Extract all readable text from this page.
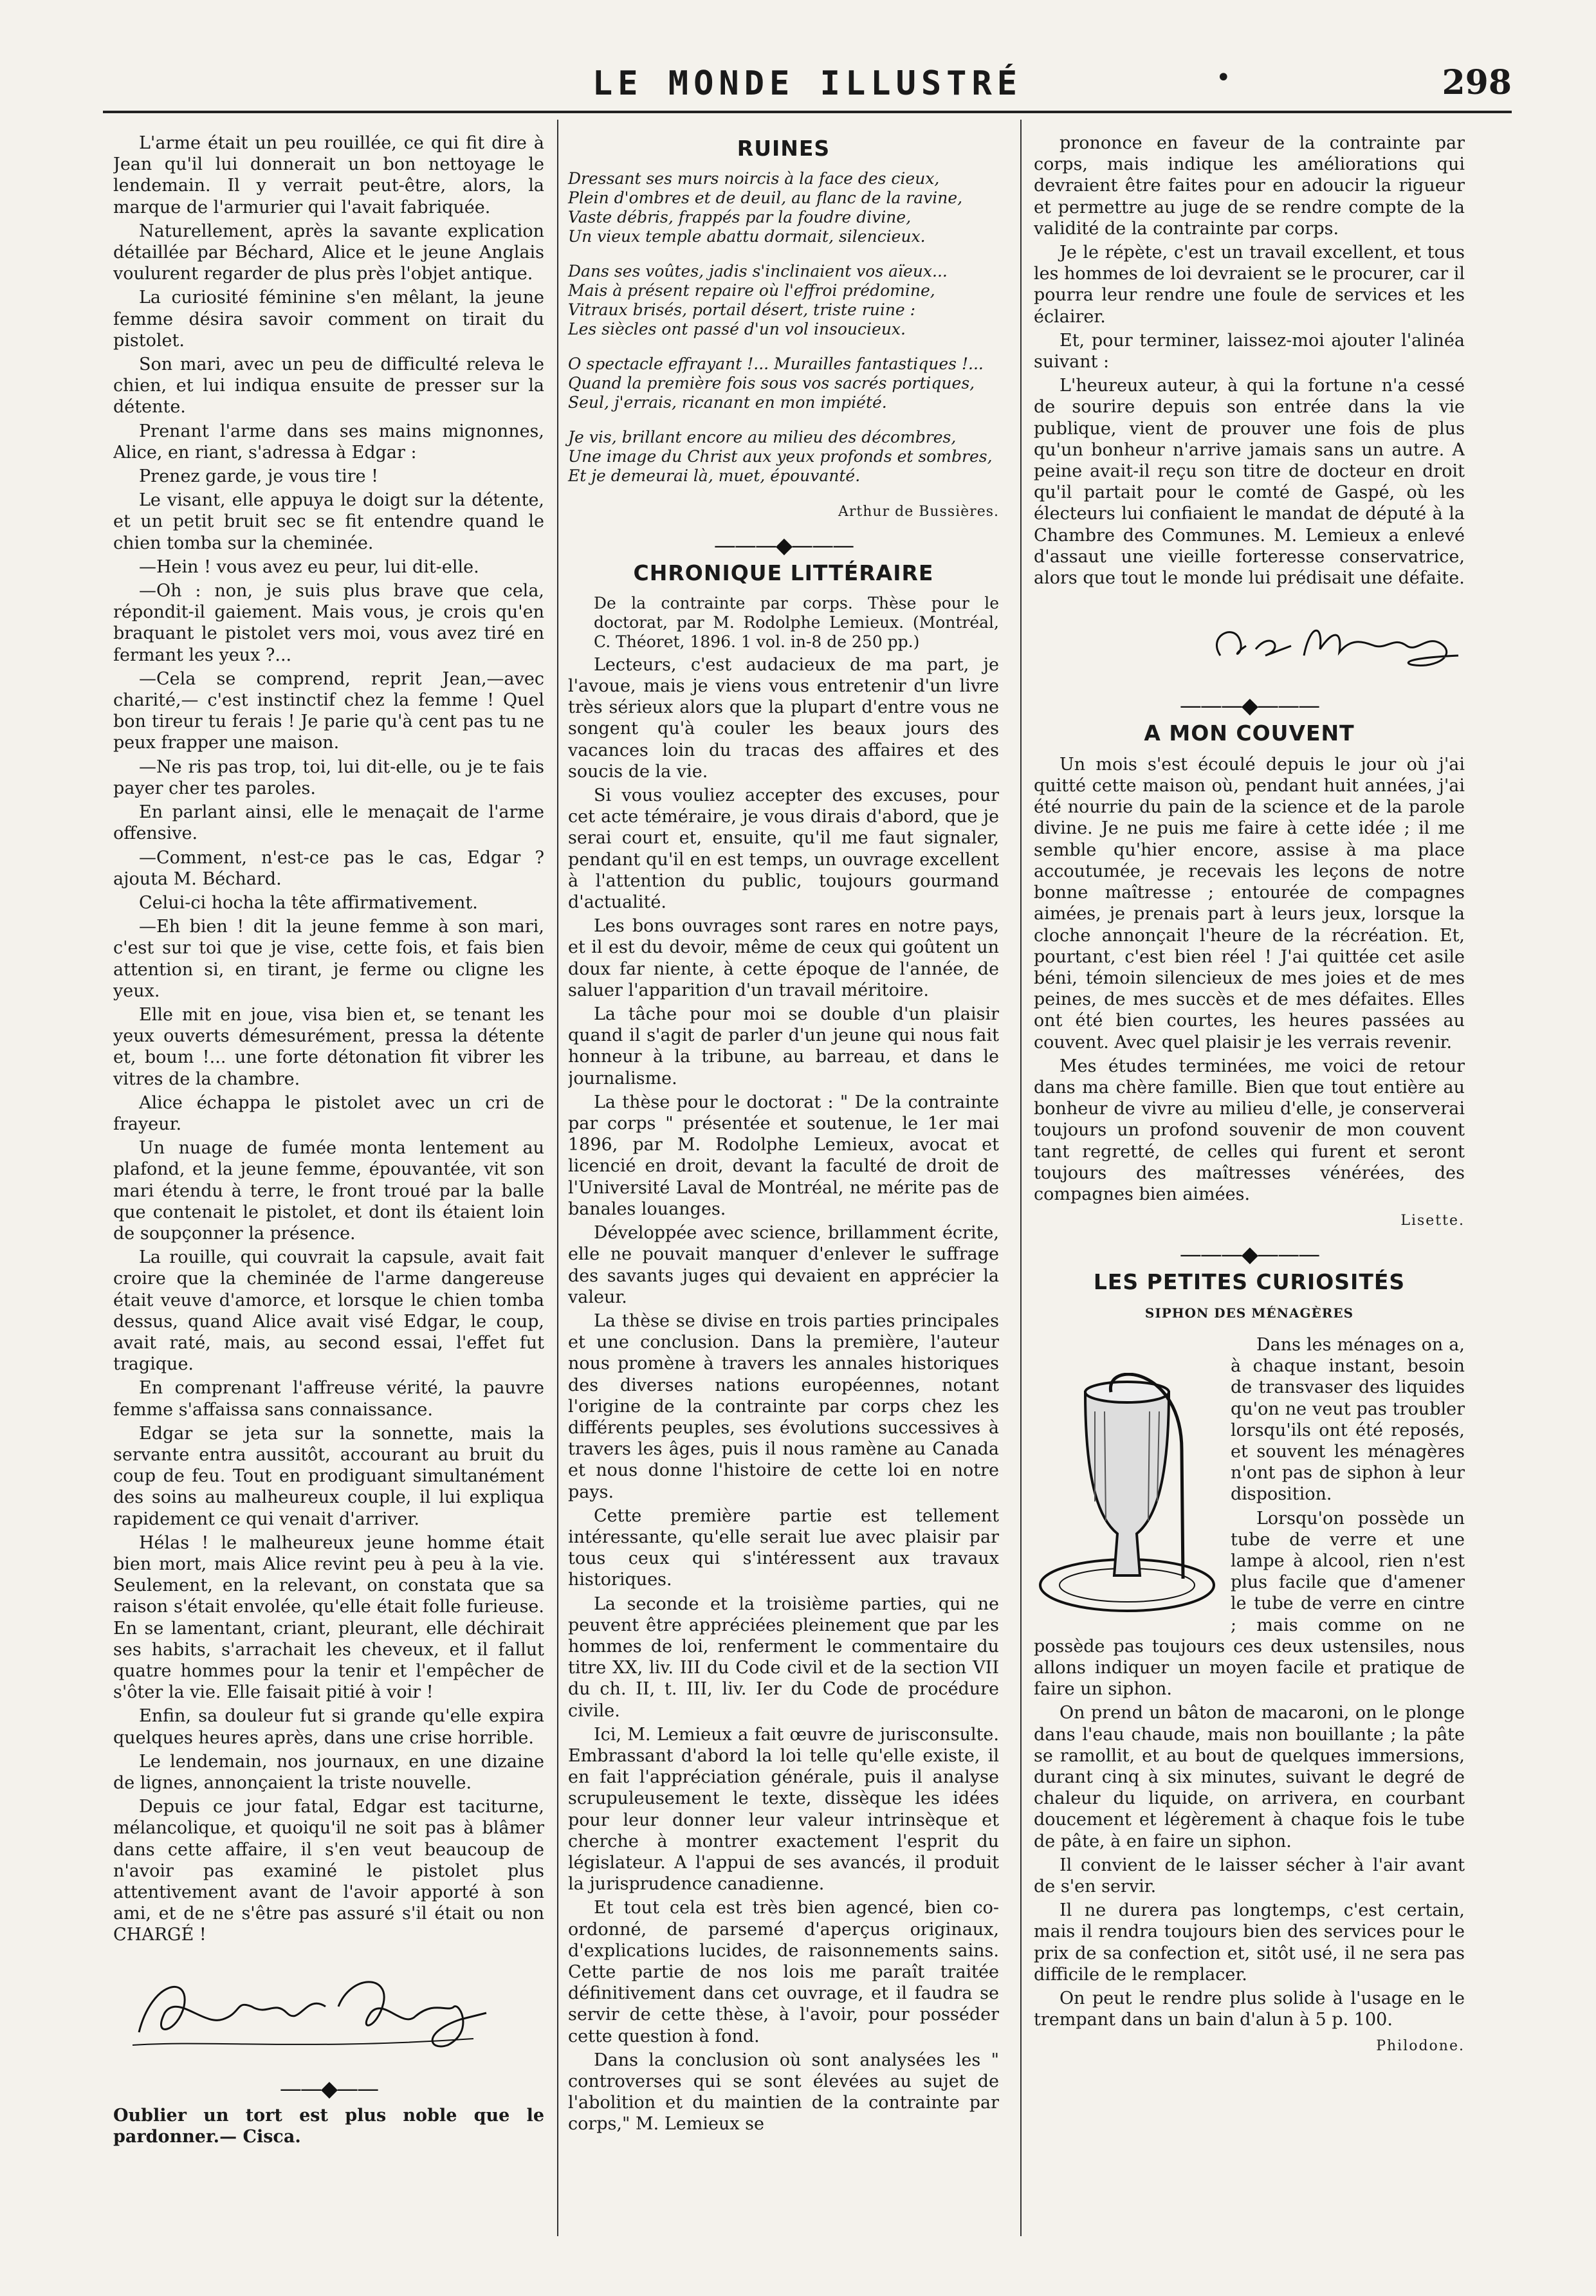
LE MONDE ILLUSTRÉ	•	298

L'arme était un peu rouillée, ce qui fit dire à Jean qu'il lui donnerait un bon nettoyage le lendemain. Il y verrait peut-être, alors, la marque de l'armurier qui l'avait fabriquée.

Naturellement, après la savante explication détaillée par Béchard, Alice et le jeune Anglais voulurent regarder de plus près l'objet antique.

La curiosité féminine s'en mêlant, la jeune femme désira savoir comment on tirait du pistolet.

Son mari, avec un peu de difficulté releva le chien, et lui indiqua ensuite de presser sur la détente.

Prenant l'arme dans ses mains mignonnes, Alice, en riant, s'adressa à Edgar :

Prenez garde, je vous tire !

Le visant, elle appuya le doigt sur la détente, et un petit bruit sec se fit entendre quand le chien tomba sur la cheminée.

—Hein ! vous avez eu peur, lui dit-elle.

—Oh : non, je suis plus brave que cela, répondit-il gaiement. Mais vous, je crois qu'en braquant le pistolet vers moi, vous avez tiré en fermant les yeux ?...

—Cela se comprend, reprit Jean,—avec charité,— c'est instinctif chez la femme ! Quel bon tireur tu ferais ! Je parie qu'à cent pas tu ne peux frapper une maison.

—Ne ris pas trop, toi, lui dit-elle, ou je te fais payer cher tes paroles.

En parlant ainsi, elle le menaçait de l'arme offensive.

—Comment, n'est-ce pas le cas, Edgar ? ajouta M. Béchard.

Celui-ci hocha la tête affirmativement.

—Eh bien ! dit la jeune femme à son mari, c'est sur toi que je vise, cette fois, et fais bien attention si, en tirant, je ferme ou cligne les yeux.

Elle mit en joue, visa bien et, se tenant les yeux ouverts démesurément, pressa la détente et, boum !... une forte détonation fit vibrer les vitres de la chambre.

Alice échappa le pistolet avec un cri de frayeur.

Un nuage de fumée monta lentement au plafond, et la jeune femme, épouvantée, vit son mari étendu à terre, le front troué par la balle que contenait le pistolet, et dont ils étaient loin de soupçonner la présence.

La rouille, qui couvrait la capsule, avait fait croire que la cheminée de l'arme dangereuse était veuve d'amorce, et lorsque le chien tomba dessus, quand Alice avait visé Edgar, le coup, avait raté, mais, au second essai, l'effet fut tragique.

En comprenant l'affreuse vérité, la pauvre femme s'affaissa sans connaissance.

Edgar se jeta sur la sonnette, mais la servante entra aussitôt, accourant au bruit du coup de feu. Tout en prodiguant simultanément des soins au malheureux couple, il lui expliqua rapidement ce qui venait d'arriver.

Hélas ! le malheureux jeune homme était bien mort, mais Alice revint peu à peu à la vie. Seulement, en la relevant, on constata que sa raison s'était envolée, qu'elle était folle furieuse. En se lamentant, criant, pleurant, elle déchirait ses habits, s'arrachait les cheveux, et il fallut quatre hommes pour la tenir et l'empêcher de s'ôter la vie. Elle faisait pitié à voir !

Enfin, sa douleur fut si grande qu'elle expira quelques heures après, dans une crise horrible.

Le lendemain, nos journaux, en une dizaine de lignes, annonçaient la triste nouvelle.

Depuis ce jour fatal, Edgar est taciturne, mélancolique, et quoiqu'il ne soit pas à blâmer dans cette affaire, il s'en veut beaucoup de n'avoir pas examiné le pistolet plus attentivement avant de l'avoir apporté à son ami, et de ne s'être pas assuré s'il était ou non CHARGÉ !

——◆——

Oublier un tort est plus noble que le pardonner.— Cisca.

RUINES
Dressant ses murs noircis à la face des cieux,
Plein d'ombres et de deuil, au flanc de la ravine,
Vaste débris, frappés par la foudre divine,
Un vieux temple abattu dormait, silencieux.
Dans ses voûtes, jadis s'inclinaient vos aïeux...
Mais à présent repaire où l'effroi prédomine,
Vitraux brisés, portail désert, triste ruine :
Les siècles ont passé d'un vol insoucieux.
O spectacle effrayant !... Murailles fantastiques !...
Quand la première fois sous vos sacrés portiques,
Seul, j'errais, ricanant en mon impiété.
Je vis, brillant encore au milieu des décombres,
Une image du Christ aux yeux profonds et sombres,
Et je demeurai là, muet, épouvanté.
Arthur de Bussières.
———◆———
CHRONIQUE LITTÉRAIRE

De la contrainte par corps. Thèse pour le doctorat, par M. Rodolphe Lemieux. (Montréal, C. Théoret, 1896. 1 vol. in-8 de 250 pp.)

Lecteurs, c'est audacieux de ma part, je l'avoue, mais je viens vous entretenir d'un livre très sérieux alors que la plupart d'entre vous ne songent qu'à couler les beaux jours des vacances loin du tracas des affaires et des soucis de la vie.

Si vous vouliez accepter des excuses, pour cet acte téméraire, je vous dirais d'abord, que je serai court et, ensuite, qu'il me faut signaler, pendant qu'il en est temps, un ouvrage excellent à l'attention du public, toujours gourmand d'actualité.

Les bons ouvrages sont rares en notre pays, et il est du devoir, même de ceux qui goûtent un doux far niente, à cette époque de l'année, de saluer l'apparition d'un travail méritoire.

La tâche pour moi se double d'un plaisir quand il s'agit de parler d'un jeune qui nous fait honneur à la tribune, au barreau, et dans le journalisme.

La thèse pour le doctorat : " De la contrainte par corps " présentée et soutenue, le 1er mai 1896, par M. Rodolphe Lemieux, avocat et licencié en droit, devant la faculté de droit de l'Université Laval de Montréal, ne mérite pas de banales louanges.

Développée avec science, brillamment écrite, elle ne pouvait manquer d'enlever le suffrage des savants juges qui devaient en apprécier la valeur.

La thèse se divise en trois parties principales et une conclusion. Dans la première, l'auteur nous promène à travers les annales historiques des diverses nations européennes, notant l'origine de la contrainte par corps chez les différents peuples, ses évolutions successives à travers les âges, puis il nous ramène au Canada et nous donne l'histoire de cette loi en notre pays.

Cette première partie est tellement intéressante, qu'elle serait lue avec plaisir par tous ceux qui s'intéressent aux travaux historiques.

La seconde et la troisième parties, qui ne peuvent être appréciées pleinement que par les hommes de loi, renferment le commentaire du titre XX, liv. III du Code civil et de la section VII du ch. II, t. III, liv. Ier du Code de procédure civile.

Ici, M. Lemieux a fait œuvre de jurisconsulte. Embrassant d'abord la loi telle qu'elle existe, il en fait l'appréciation générale, puis il analyse scrupuleusement le texte, dissèque les idées pour leur donner leur valeur intrinsèque et cherche à montrer exactement l'esprit du législateur. A l'appui de ses avancés, il produit la jurisprudence canadienne.

Et tout cela est très bien agencé, bien co-ordonné, de parsemé d'aperçus originaux, d'explications lucides, de raisonnements sains. Cette partie de nos lois me paraît traitée définitivement dans cet ouvrage, et il faudra se servir de cette thèse, à l'avoir, pour posséder cette question à fond.

Dans la conclusion où sont analysées les " controverses qui se sont élevées au sujet de l'abolition et du maintien de la contrainte par corps," M. Lemieux se

prononce en faveur de la contrainte par corps, mais indique les améliorations qui devraient être faites pour en adoucir la rigueur et permettre au juge de se rendre compte de la validité de la contrainte par corps.

Je le répète, c'est un travail excellent, et tous les hommes de loi devraient se le procurer, car il pourra leur rendre une foule de services et les éclairer.

Et, pour terminer, laissez-moi ajouter l'alinéa suivant :

L'heureux auteur, à qui la fortune n'a cessé de sourire depuis son entrée dans la vie publique, vient de prouver une fois de plus qu'un bonheur n'arrive jamais sans un autre. A peine avait-il reçu son titre de docteur en droit qu'il partait pour le comté de Gaspé, où les électeurs lui confiaient le mandat de député à la Chambre des Communes. M. Lemieux a enlevé d'assaut une vieille forteresse conservatrice, alors que tout le monde lui prédisait une défaite.

———◆———
A MON COUVENT

Un mois s'est écoulé depuis le jour où j'ai quitté cette maison où, pendant huit années, j'ai été nourrie du pain de la science et de la parole divine. Je ne puis me faire à cette idée ; il me semble qu'hier encore, assise à ma place accoutumée, je recevais les leçons de notre bonne maîtresse ; entourée de compagnes aimées, je prenais part à leurs jeux, lorsque la cloche annonçait l'heure de la récréation. Et, pourtant, c'est bien réel ! J'ai quittée cet asile béni, témoin silencieux de mes joies et de mes peines, de mes succès et de mes défaites. Elles ont été bien courtes, les heures passées au couvent. Avec quel plaisir je les verrais revenir.

Mes études terminées, me voici de retour dans ma chère famille. Bien que tout entière au bonheur de vivre au milieu d'elle, je conserverai toujours un profond souvenir de mon couvent tant regretté, de celles qui furent et seront toujours des maîtresses vénérées, des compagnes bien aimées.

Lisette.
———◆———
LES PETITES CURIOSITÉS
SIPHON DES MÉNAGÈRES

Dans les ménages on a, à chaque instant, besoin de transvaser des liquides qu'on ne veut pas troubler lorsqu'ils ont été reposés, et souvent les ménagères n'ont pas de siphon à leur disposition.

Lorsqu'on possède un tube de verre et une lampe à alcool, rien n'est plus facile que d'amener le tube de verre en cintre ; mais comme on ne possède pas toujours ces deux ustensiles, nous allons indiquer un moyen facile et pratique de faire un siphon.

On prend un bâton de macaroni, on le plonge dans l'eau chaude, mais non bouillante ; la pâte se ramollit, et au bout de quelques immersions, durant cinq à six minutes, suivant le degré de chaleur du liquide, on arrivera, en courbant doucement et légèrement à chaque fois le tube de pâte, à en faire un siphon.

Il convient de le laisser sécher à l'air avant de s'en servir.

Il ne durera pas longtemps, c'est certain, mais il rendra toujours bien des services pour le prix de sa confection et, sitôt usé, il ne sera pas difficile de le remplacer.

On peut le rendre plus solide à l'usage en le trempant dans un bain d'alun à 5 p. 100.

Philodone.
